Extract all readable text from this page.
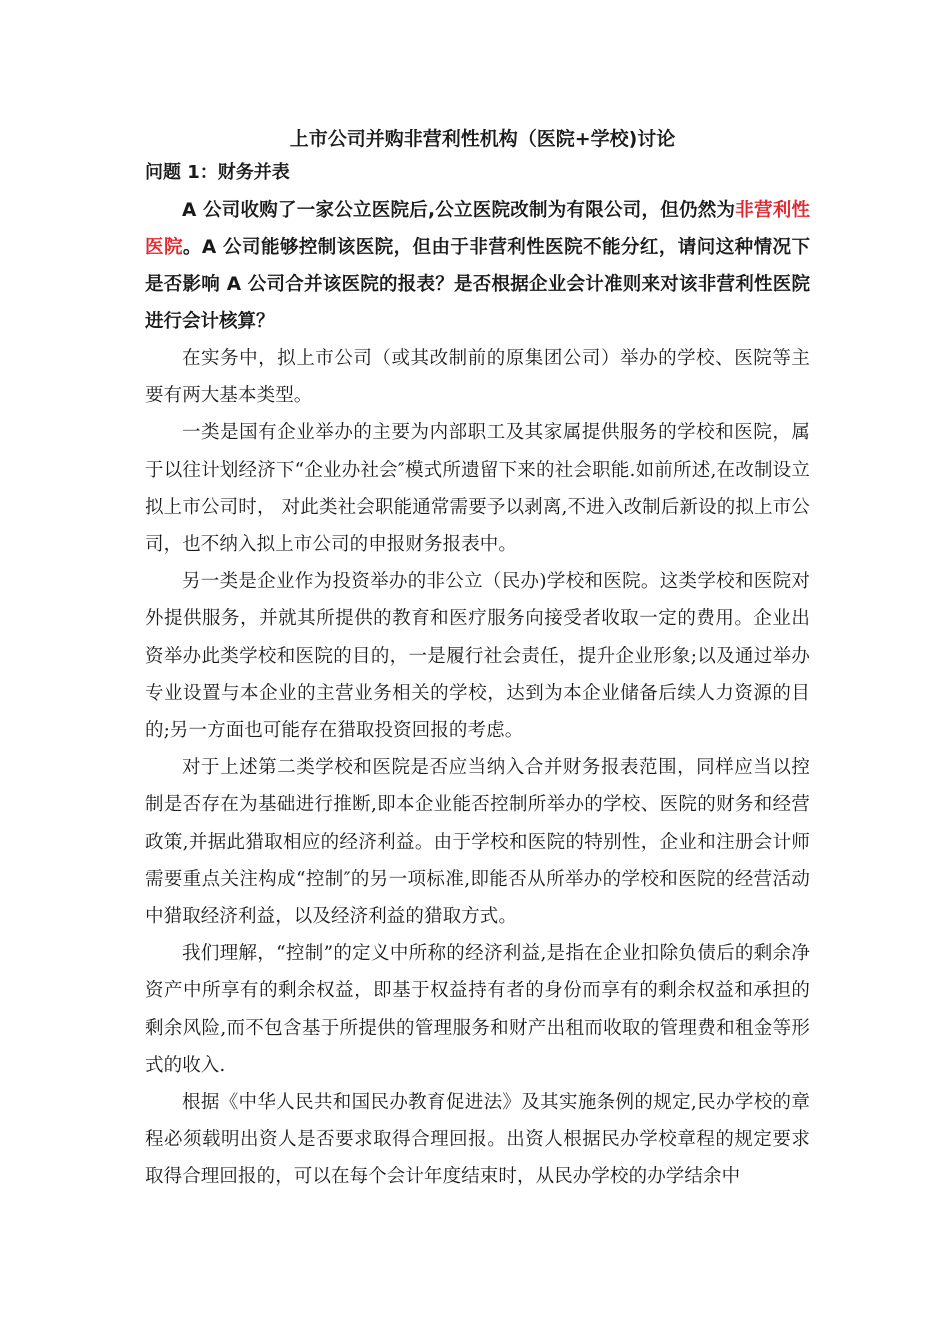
上市公司并购非营利性机构（医院+学校)讨论
问题 1：财务并表

A 公司收购了一家公立医院后,公立医院改制为有限公司，但仍然为非营利性医院。A 公司能够控制该医院，但由于非营利性医院不能分红，请问这种情况下是否影响 A 公司合并该医院的报表？是否根据企业会计准则来对该非营利性医院进行会计核算？

在实务中，拟上市公司（或其改制前的原集团公司）举办的学校、医院等主要有两大基本类型。

一类是国有企业举办的主要为内部职工及其家属提供服务的学校和医院，属于以往计划经济下“企业办社会″模式所遗留下来的社会职能.如前所述,在改制设立拟上市公司时， 对此类社会职能通常需要予以剥离,不进入改制后新设的拟上市公司，也不纳入拟上市公司的申报财务报表中。

另一类是企业作为投资举办的非公立（民办)学校和医院。这类学校和医院对外提供服务，并就其所提供的教育和医疗服务向接受者收取一定的费用。企业出资举办此类学校和医院的目的，一是履行社会责任，提升企业形象;以及通过举办专业设置与本企业的主营业务相关的学校，达到为本企业储备后续人力资源的目的;另一方面也可能存在猎取投资回报的考虑。

对于上述第二类学校和医院是否应当纳入合并财务报表范围，同样应当以控制是否存在为基础进行推断,即本企业能否控制所举办的学校、医院的财务和经营政策,并据此猎取相应的经济利益。由于学校和医院的特别性，企业和注册会计师需要重点关注构成“控制″的另一项标准,即能否从所举办的学校和医院的经营活动中猎取经济利益，以及经济利益的猎取方式。

我们理解，“控制”的定义中所称的经济利益,是指在企业扣除负债后的剩余净资产中所享有的剩余权益，即基于权益持有者的身份而享有的剩余权益和承担的剩余风险,而不包含基于所提供的管理服务和财产出租而收取的管理费和租金等形式的收入.

根据《中华人民共和国民办教育促进法》及其实施条例的规定,民办学校的章程必须载明出资人是否要求取得合理回报。出资人根据民办学校章程的规定要求取得合理回报的，可以在每个会计年度结束时，从民办学校的办学结余中
